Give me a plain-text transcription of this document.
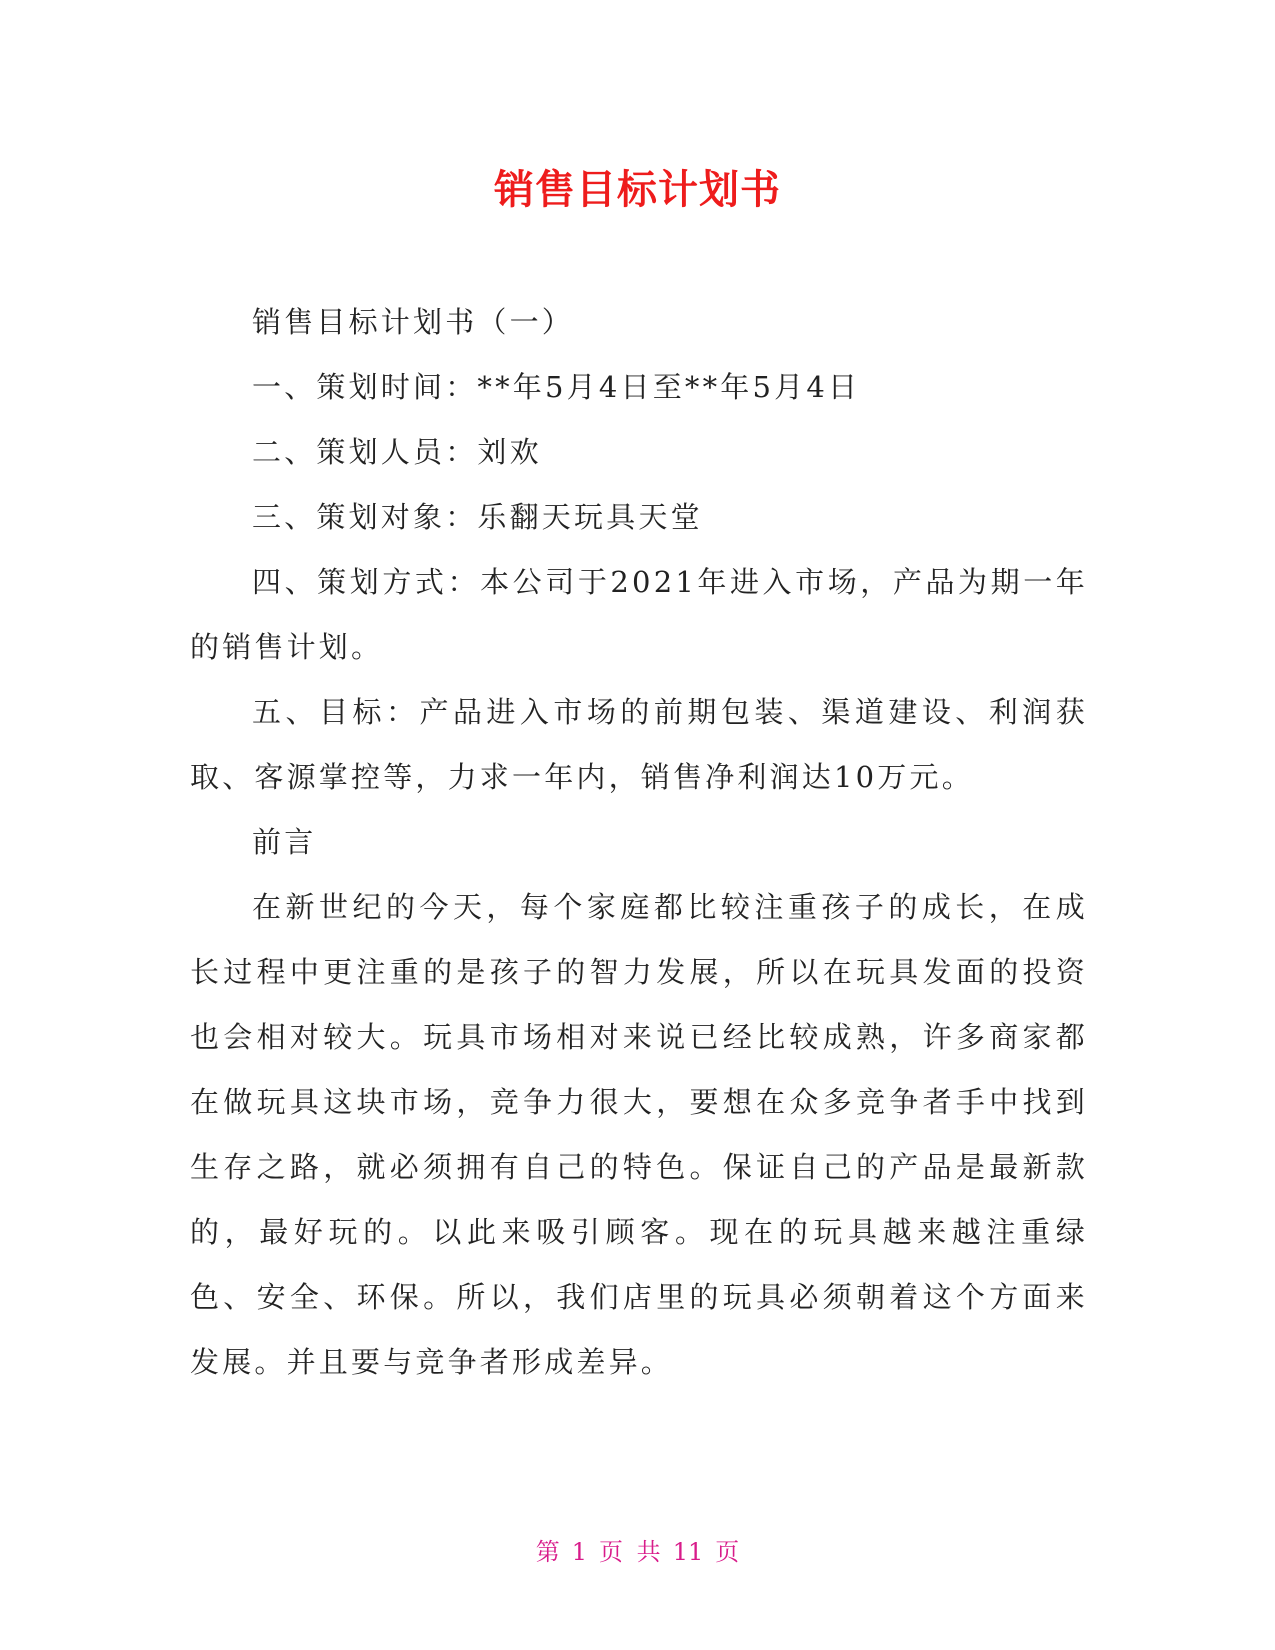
销售目标计划书

销售目标计划书（一）

一、策划时间：**年5月4日至**年5月4日

二、策划人员：刘欢

三、策划对象：乐翻天玩具天堂

四、策划方式：本公司于2021年进入市场，产品为期一年的销售计划。

五、目标：产品进入市场的前期包装、渠道建设、利润获取、客源掌控等，力求一年内，销售净利润达10万元。

前言

在新世纪的今天，每个家庭都比较注重孩子的成长，在成长过程中更注重的是孩子的智力发展，所以在玩具发面的投资也会相对较大。玩具市场相对来说已经比较成熟，许多商家都在做玩具这块市场，竞争力很大，要想在众多竞争者手中找到生存之路，就必须拥有自己的特色。保证自己的产品是最新款的，最好玩的。以此来吸引顾客。现在的玩具越来越注重绿色、安全、环保。所以，我们店里的玩具必须朝着这个方面来发展。并且要与竞争者形成差异。

第 1 页 共 11 页
